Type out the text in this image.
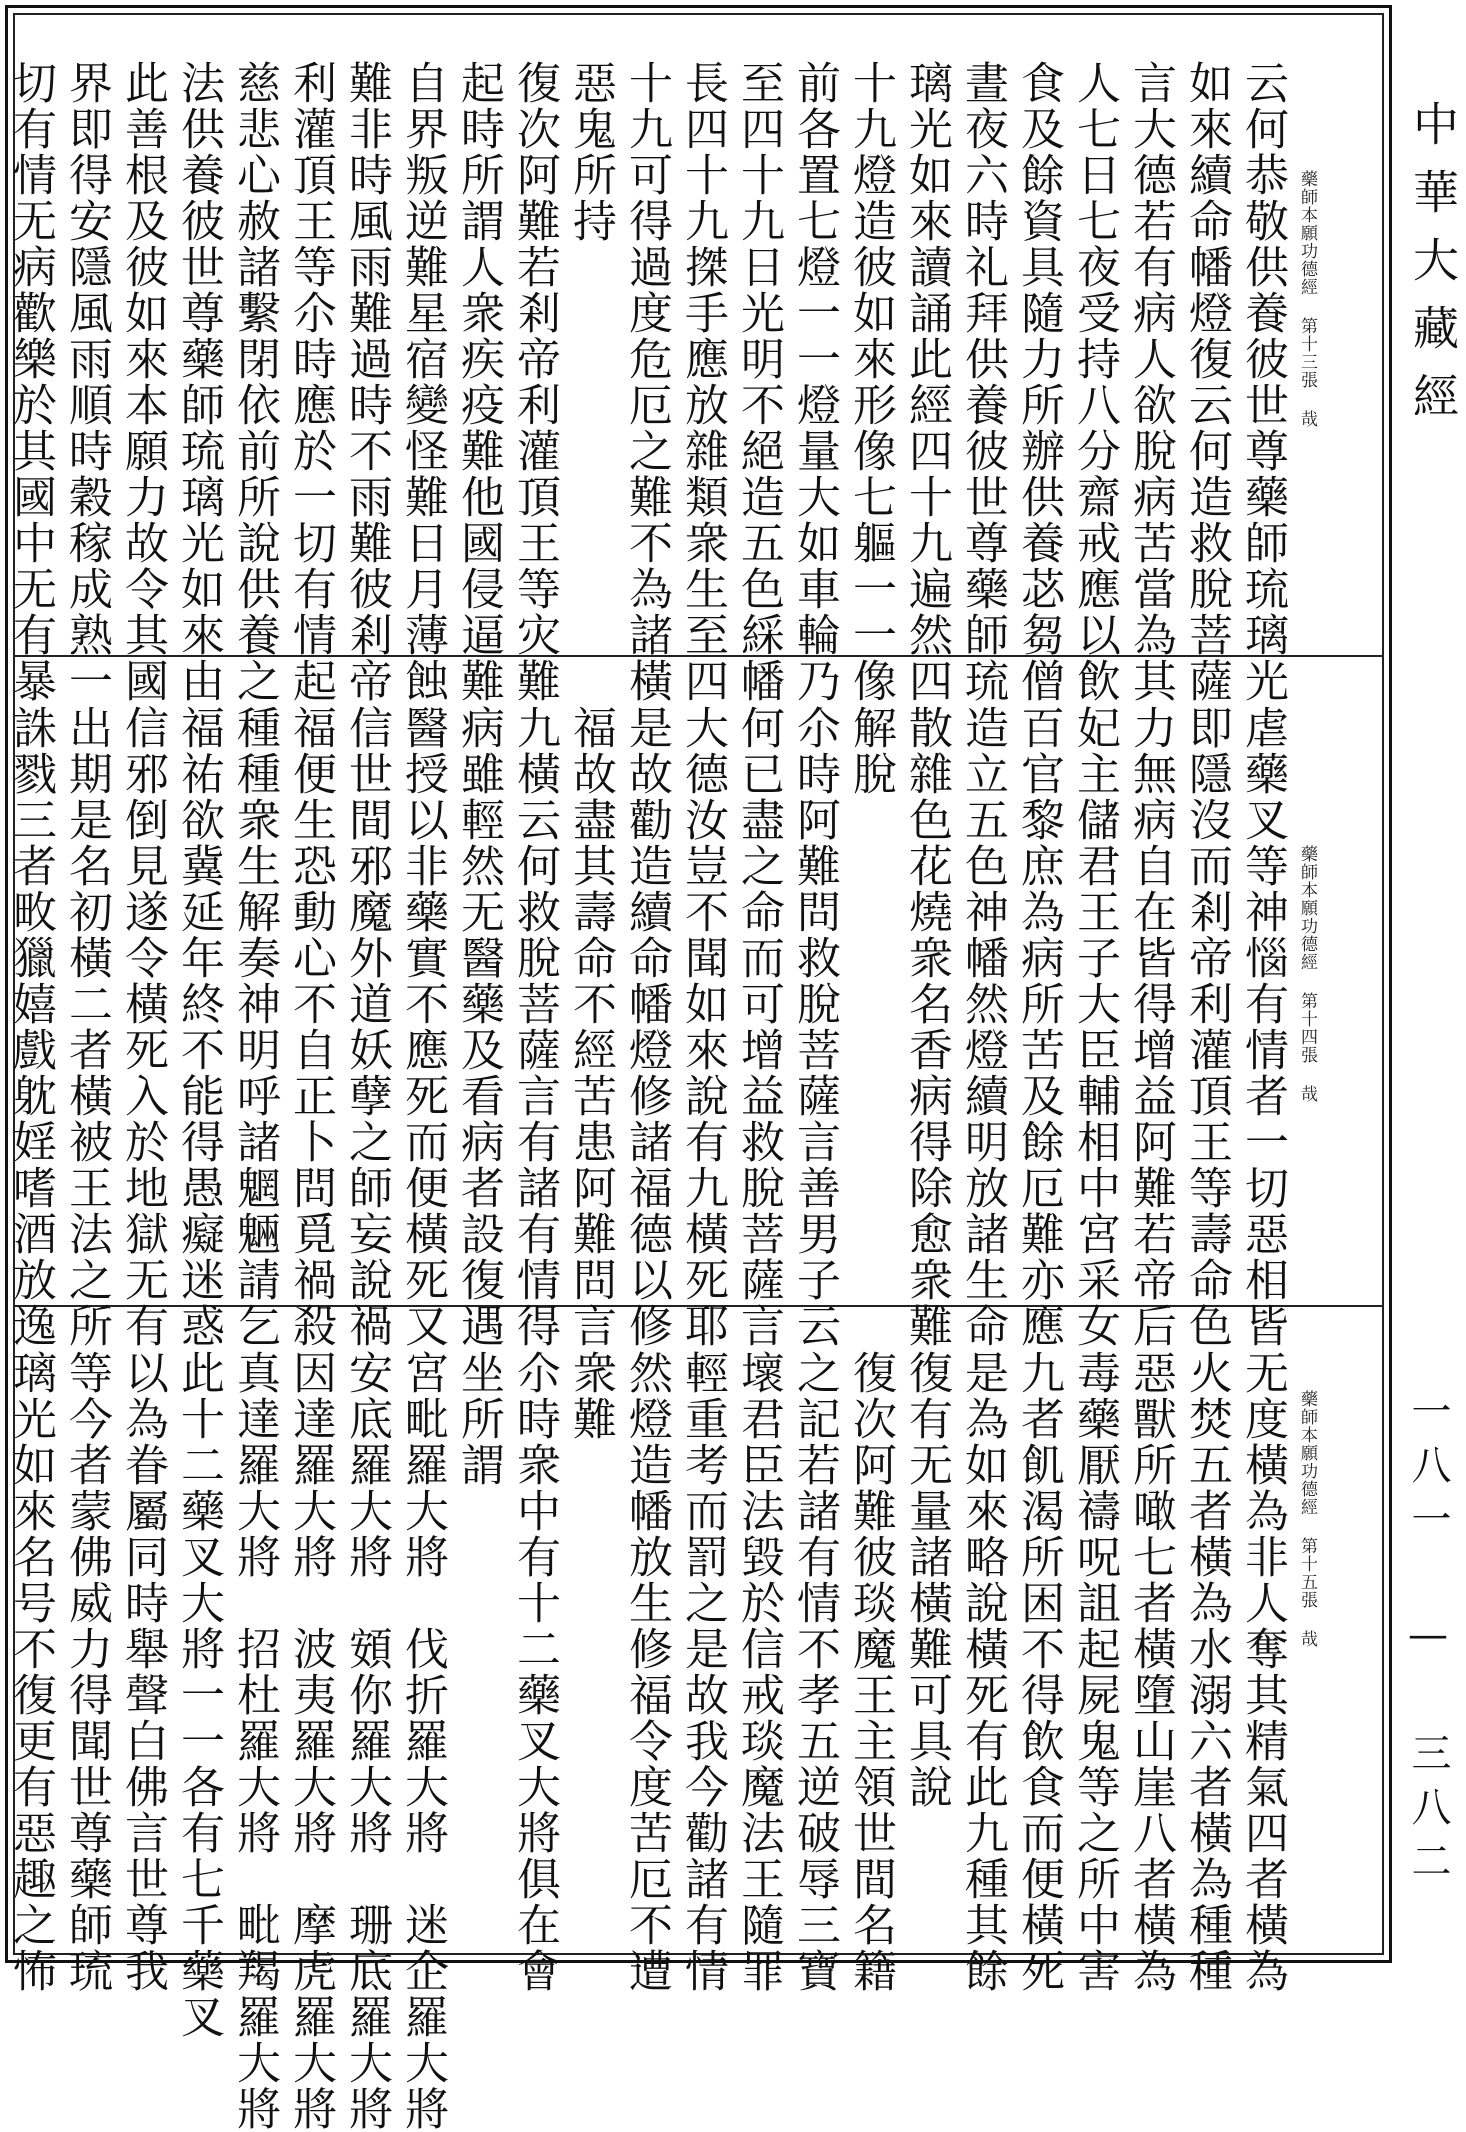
云何恭敬供養彼世尊藥師琉璃光
如來續命幡燈復云何造救脫菩薩
言大德若有病人欲脫病苦當為其
人七日七夜受持八分齋戒應以飲
食及餘資具隨力所辦供養苾芻僧
晝夜六時礼拜供養彼世尊藥師琉
璃光如來讀誦此經四十九遍然四
十九燈造彼如來形像七軀一一像
前各置七燈一一燈量大如車輪乃
至四十九日光明不絕造五色綵幡
長四十九搩手應放雜類衆生至四
十九可得過度危厄之難不為諸橫
惡鬼所持
復次阿難若剎帝利灌頂王等灾難
起時所謂人衆疾疫難他國侵逼難
自界叛逆難星宿變怪難日月薄蝕
難非時風雨難過時不雨難彼剎帝
利灌頂王等尒時應於一切有情起
慈悲心赦諸繫閉依前所說供養之
法供養彼世尊藥師琉璃光如來由
此善根及彼如來本願力故令其國
界即得安隱風雨順時穀稼成熟一
切有情无病歡樂於其國中无有暴	藥師本願功德經 第十三張 哉
虐藥叉等神惱有情者一切惡相皆
即隱沒而剎帝利灌頂王等壽命色
力無病自在皆得增益阿難若帝后
妃主儲君王子大臣輔相中宮采女
百官黎庶為病所苦及餘厄難亦應
造立五色神幡然燈續明放諸生命
散雜色花燒衆名香病得除愈衆難
解脫
尒時阿難問救脫菩薩言善男子云
何已盡之命而可增益救脫菩薩言
大德汝豈不聞如來說有九橫死耶
是故勸造續命幡燈修諸福德以修
福故盡其壽命不經苦患阿難問言
九橫云何救脫菩薩言有諸有情得
病雖輕然无醫藥及看病者設復遇
醫授以非藥實不應死而便橫死又
信世間邪魔外道妖孽之師妄說禍
福便生恐動心不自正卜問覓禍殺
種種衆生解奏神明呼諸魍魎請乞
福祐欲冀延年終不能得愚癡迷惑
信邪倒見遂令橫死入於地獄无有
出期是名初橫二者橫被王法之所
誅戮三者畋獵嬉戲躭婬嗜酒放逸	藥師本願功德經 第十四張 哉
无度橫為非人奪其精氣四者橫為
火焚五者橫為水溺六者橫為種種
惡獸所噉七者橫墮山崖八者橫為
毒藥厭禱呪詛起屍鬼等之所中害
九者飢渴所困不得飲食而便橫死
是為如來略說橫死有此九種其餘
復有无量諸橫難可具說
復次阿難彼琰魔王主領世間名籍
之記若諸有情不孝五逆破辱三寶
壞君臣法毀於信戒琰魔法王隨罪
輕重考而罰之是故我今勸諸有情
然燈造幡放生修福令度苦厄不遭
衆難
尒時衆中有十二藥叉大將俱在會
坐所謂
宮毗羅大將　伐折羅大將　迷企羅大將
安底羅大將　頞你羅大將　珊底羅大將
因達羅大將　波夷羅大將　摩虎羅大將
真達羅大將　招杜羅大將　毗羯羅大將
此十二藥叉大將一一各有七千藥叉
以為眷屬同時舉聲白佛言世尊我
等今者蒙佛威力得聞世尊藥師琉
璃光如來名号不復更有惡趣之怖	藥師本願功德經 第十五張 哉
中華大藏經
一八一 — 三八二
